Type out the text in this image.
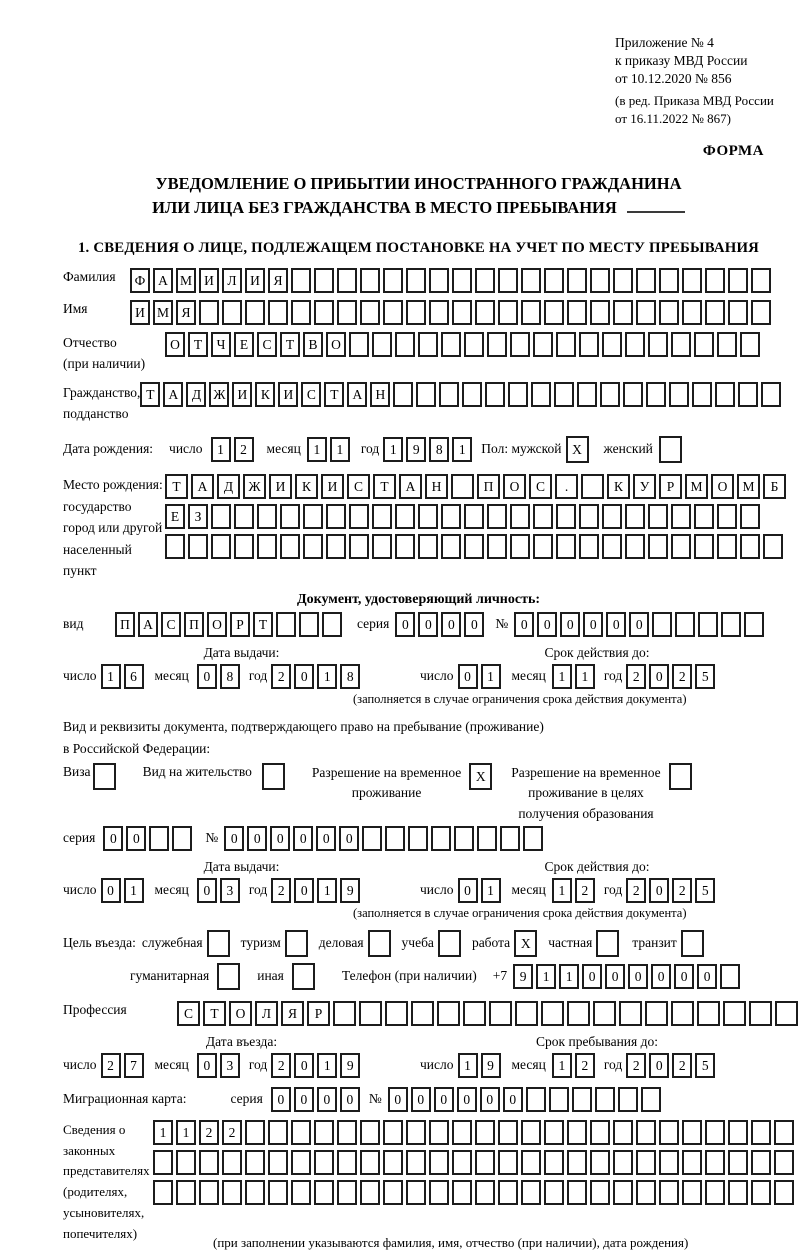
Приложение № 4
к приказу МВД России
от 10.12.2020 № 856
(в ред. Приказа МВД России
от 16.11.2022 № 867)
ФОРМА
УВЕДОМЛЕНИЕ О ПРИБЫТИИ ИНОСТРАННОГО ГРАЖДАНИНА
ИЛИ ЛИЦА БЕЗ ГРАЖДАНСТВА В МЕСТО ПРЕБЫВАНИЯ
1. СВЕДЕНИЯ О ЛИЦЕ, ПОДЛЕЖАЩЕМ ПОСТАНОВКЕ НА УЧЕТ ПО МЕСТУ ПРЕБЫВАНИЯ
Фамилия	Ф А М И	Л	И	Я
Имя	И М Я
Отчество
(при наличии)
О	Т	Ч	Е	С	Т	В	О
Гражданство,
подданство
Т	А	Д Ж И	К	И	С	Т	А Н
Дата рождения: число	1	2	месяц 1	1	год 1	9	8	1	Пол: мужской X	женский
Место рождения:
государство
город или другой
населенный пункт
Т	А	Д	Ж	И	К	И	С	Т	А	Н	П	О	С	.	К	У	Р	М	О	М	Б
Е	З
Документ, удостоверяющий личность:
вид	П А	С	П О	Р	Т	серия 0	0	0	0	№ 0	0	0	0	0	0
Дата выдачи:	Срок действия до:
число 1	6	месяц	0	8	год 2	0	1	8	число 0	1	месяц 1	1	год 2	0	2	5
(заполняется в случае ограничения срока действия документа)
Вид и реквизиты документа, подтверждающего право на пребывание (проживание)
в Российской Федерации:
Виза	Вид на жительство	Разрешение на временное
проживание
X	Разрешение на временное
проживание в целях
получения образования
серия	0	0	№ 0	0	0	0	0	0
Дата выдачи:	Срок действия до:
число 0	1	месяц	0	3	год 2	0	1	9	число 0	1	месяц 1	2	год 2	0	2	5
(заполняется в случае ограничения срока действия документа)
Цель въезда: служебная	туризм	деловая	учеба	работа X	частная	транзит
гуманитарная	иная	Телефон (при наличии) +7 9	1	1	0	0	0	0	0	0
Профессия	С	Т	О	Л	Я	Р
Дата въезда:	Срок пребывания до:
число 2	7	месяц	0	3	год 2	0	1	9	число 1	9	месяц 1	2	год 2	0	2	5
Миграционная карта:	серия	0	0	0	0	№ 0	0	0	0	0	0
Сведения о
законных
представителях
(родителях,
усыновителях,
попечителях)
1	1	2	2
(при заполнении указываются фамилия, имя, отчество (при наличии), дата рождения)
